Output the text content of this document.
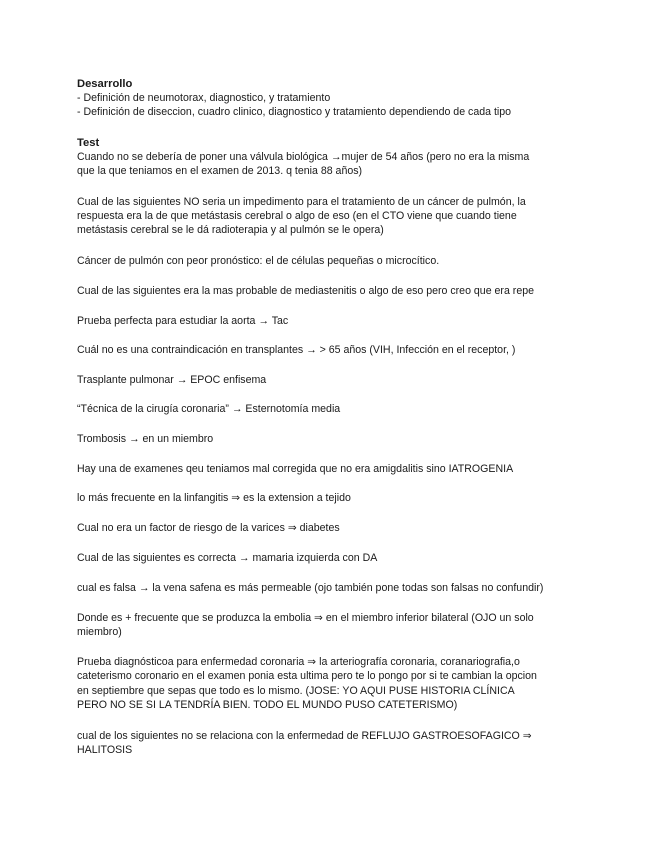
Desarrollo
- Definición de neumotorax, diagnostico, y tratamiento
- Definición de diseccion, cuadro clinico, diagnostico y tratamiento dependiendo de cada tipo
Test
Cuando no se debería de poner una válvula biológica →mujer de 54 años (pero no era la misma
que la que teniamos en el examen de 2013. q tenia 88 años)
Cual de las siguientes NO seria un impedimento para el tratamiento de un cáncer de pulmón, la
respuesta era la de que metástasis cerebral o algo de eso (en el CTO viene que cuando tiene
metástasis cerebral se le dá radioterapia y al pulmón se le opera)
Cáncer de pulmón con peor pronóstico: el de células pequeñas o microcítico.
Cual de las siguientes era la mas probable de mediastenitis o algo de eso pero creo que era repe
Prueba perfecta para estudiar la aorta → Tac
Cuál no es una contraindicación en transplantes → > 65 años (VIH, Infección en el receptor, )
Trasplante pulmonar → EPOC enfisema
“Técnica de la cirugía coronaria” → Esternotomía media
Trombosis → en un miembro
Hay una de examenes qeu teniamos mal corregida que no era amigdalitis sino IATROGENIA
lo más frecuente en la linfangitis ⇒ es la extension a tejido
Cual no era un factor de riesgo de la varices ⇒ diabetes
Cual de las siguientes es correcta → mamaria izquierda con DA
cual es falsa → la vena safena es más permeable (ojo también pone todas son falsas no confundir)
Donde es + frecuente que se produzca la embolia ⇒ en el miembro inferior bilateral (OJO un solo
miembro)
Prueba diagnósticoa para enfermedad coronaria ⇒ la arteriografía coronaria, coranariografia,o
cateterismo coronario en el examen ponia esta ultima pero te lo pongo por si te cambian la opcion
en septiembre que sepas que todo es lo mismo. (JOSE: YO AQUI PUSE HISTORIA CLÍNICA
PERO NO SE SI LA TENDRÍA BIEN. TODO EL MUNDO PUSO CATETERISMO)
cual de los siguientes no se relaciona con la enfermedad de REFLUJO GASTROESOFAGICO ⇒
HALITOSIS
